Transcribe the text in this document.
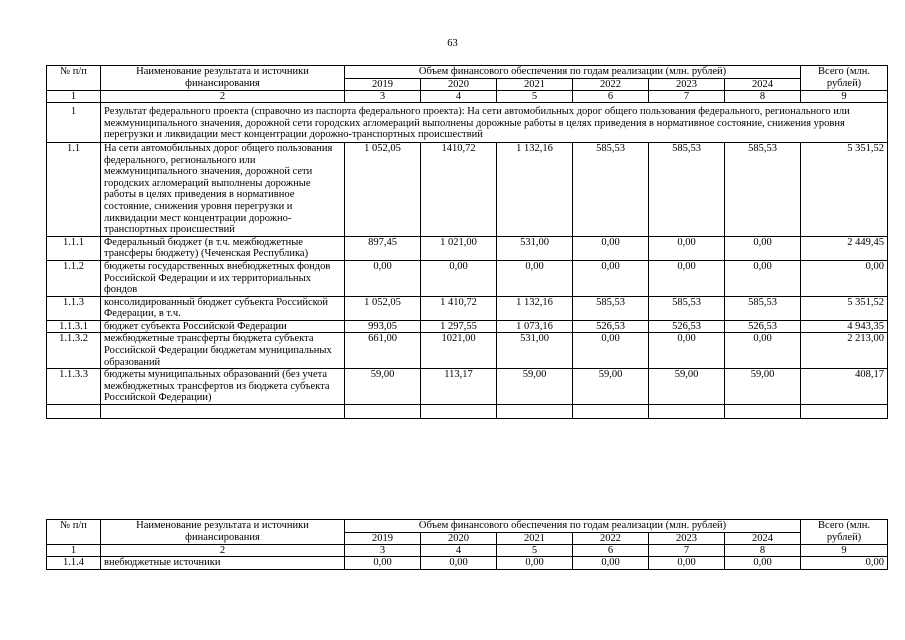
63
№ п/п	Наименование результата и источники финансирования	Объем финансового обеспечения по годам реализации (млн. рублей)						Всего (млн. рублей)
		2019	2020	2021	2022	2023	2024	
1	2	3	4	5	6	7	8	9
1	Результат федерального проекта (справочно из паспорта федерального проекта): На сети автомобильных дорог общего пользования федерального, регионального или межмуниципального значения, дорожной сети городских агломераций выполнены дорожные работы в целях приведения в нормативное состояние, снижения уровня перегрузки и ликвидации мест концентрации дорожно-транспортных происшествий							
1.1	На сети автомобильных дорог общего пользования федерального, регионального или межмуниципального значения, дорожной сети городских агломераций выполнены дорожные работы в целях приведения в нормативное состояние, снижения уровня перегрузки и ликвидации мест концентрации дорожно-транспортных происшествий	1 052,05	1410,72	1 132,16	585,53	585,53	585,53	5 351,52
1.1.1	Федеральный бюджет (в т.ч. межбюджетные трансферы бюджету) (Чеченская Республика)	897,45	1 021,00	531,00	0,00	0,00	0,00	2 449,45
1.1.2	бюджеты государственных внебюджетных фондов Российской Федерации и их территориальных фондов	0,00	0,00	0,00	0,00	0,00	0,00	0,00
1.1.3	консолидированный бюджет субъекта Российской Федерации, в т.ч.	1 052,05	1 410,72	1 132,16	585,53	585,53	585,53	5 351,52
1.1.3.1	бюджет субъекта Российской Федерации	993,05	1 297,55	1 073,16	526,53	526,53	526,53	4 943,35
1.1.3.2	межбюджетные трансферты бюджета субъекта Российской Федерации бюджетам муниципальных образований	661,00	1021,00	531,00	0,00	0,00	0,00	2 213,00
1.1.3.3	бюджеты муниципальных образований (без учета межбюджетных трансфертов из бюджета субъекта Российской Федерации)	59,00	113,17	59,00	59,00	59,00	59,00	408,17

№ п/п	Наименование результата и источники финансирования	Объем финансового обеспечения по годам реализации (млн. рублей)						Всего (млн. рублей)
		2019	2020	2021	2022	2023	2024	
1	2	3	4	5	6	7	8	9
1.1.4	внебюджетные источники	0,00	0,00	0,00	0,00	0,00	0,00	0,00
